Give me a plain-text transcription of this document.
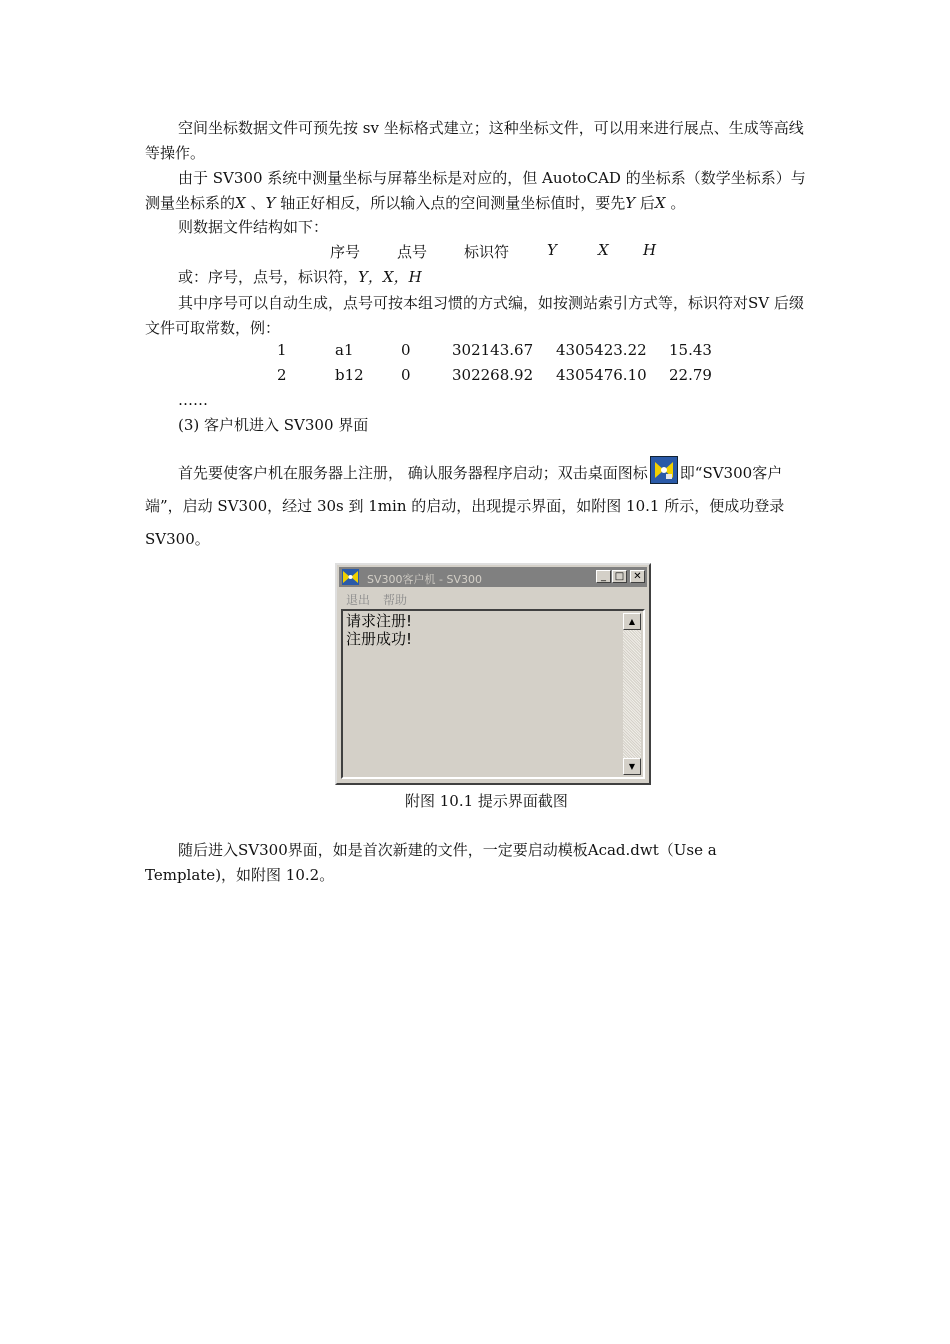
空间坐标数据文件可预先按 sv 坐标格式建立；这种坐标文件，可以用来进行展点、生成等高线等操作。
由于 SV300 系统中测量坐标与屏幕坐标是对应的，但 AuotoCAD 的坐标系（数学坐标系）与测量坐标系的X 、Y 轴正好相反，所以输入点的空间测量坐标值时，要先Y 后X 。
则数据文件结构如下：
序号 点号 标识符	Y	X H
或：序号，点号，标识符，Y，X，H
其中序号可以自动生成，点号可按本组习惯的方式编，如按测站索引方式等，标识符对SV 后缀文件可取常数，例：
1	a1	0	302143.67 4305423.22 15.43
2	b12 0	302268.92 4305476.10 22.79
……
(3) 客户机进入 SV300 界面
首先要使客户机在服务器上注册， 确认服务器程序启动；双击桌面图标 即“SV300客户端”，启动 SV300，经过 30s 到 1min 的启动，出现提示界面，如附图 10.1 所示，便成功登录 SV300。
SV300客户机 - SV300	_ □ ✕
退出 帮助
请求注册!
注册成功!
▲
▼
附图 10.1 提示界面截图
随后进入SV300界面，如是首次新建的文件，一定要启动模板Acad.dwt（Use a Template)，如附图 10.2。
